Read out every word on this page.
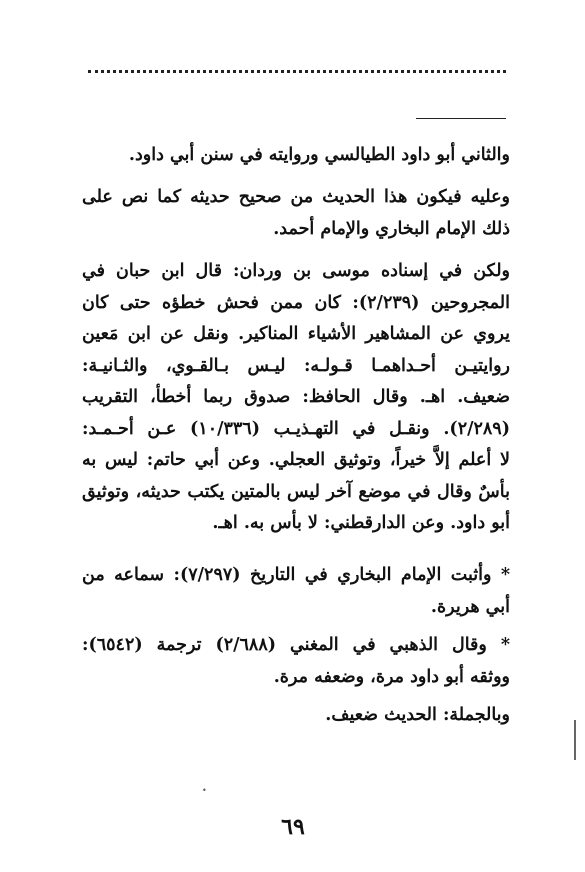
والثاني أبو داود الطيالسي وروايته في سنن أبي داود.
وعليه فيكون هذا الحديث من صحيح حديثه كما نص على
ذلك الإمام البخاري والإمام أحمد.
ولكن في إسناده موسى بن وردان: قال ابن حبان في
المجروحين (٢/٢٣٩): كان ممن فحش خطؤه حتى كان
يروي عن المشاهير الأشياء المناكير. ونقل عن ابن مَعين
روايتيـن أحـداهمـا قـولـه: ليـس بـالقـوي، والثـانيـة:
ضعيف. اهـ. وقال الحافظ: صدوق ربما أخطأ، التقريب
(٢/٢٨٩). ونقـل في التهـذيـب (١٠/٣٣٦) عـن أحـمـد:
لا أعلم إلاَّ خيراً، وتوثيق العجلي. وعن أبي حاتم: ليس به
بأسٌ وقال في موضع آخر ليس بالمتين يكتب حديثه، وتوثيق
أبو داود. وعن الدارقطني: لا بأس به. اهـ.
* وأثبت الإمام البخاري في التاريخ (٧/٢٩٧): سماعه من
أبي هريرة.
* وقال الذهبي في المغني (٢/٦٨٨) ترجمة (٦٥٤٢):
ووثقه أبو داود مرة، وضعفه مرة.
وبالجملة: الحديث ضعيف.
•
٦٩
